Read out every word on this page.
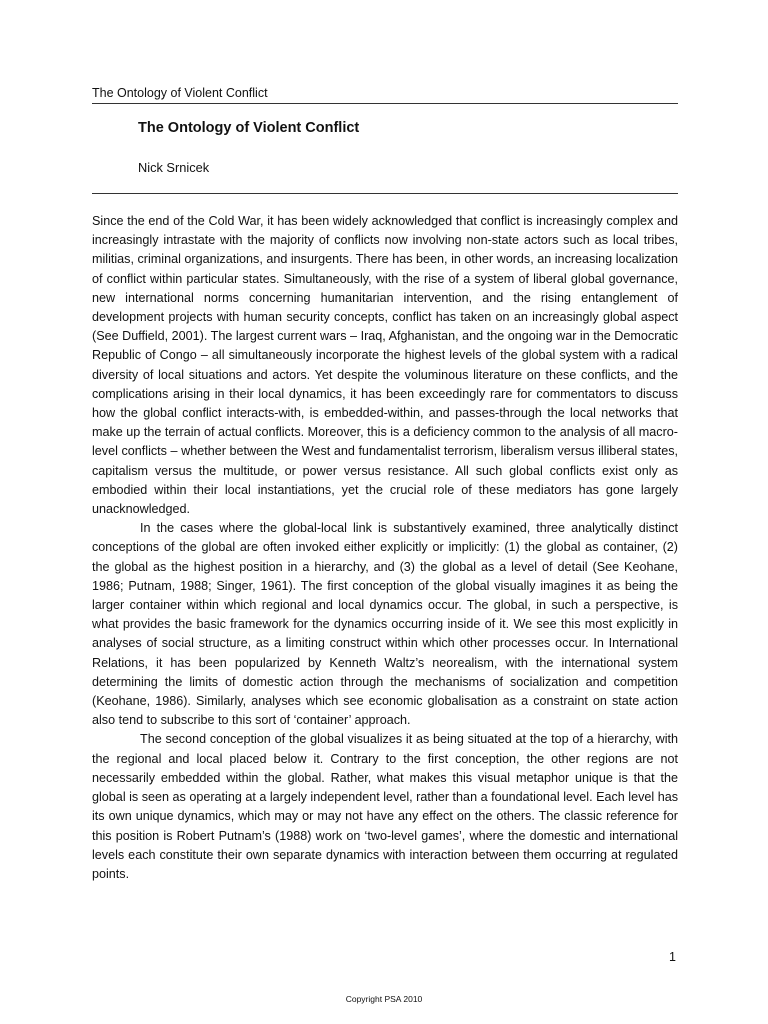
The Ontology of Violent Conflict
The Ontology of Violent Conflict
Nick Srnicek

Since the end of the Cold War, it has been widely acknowledged that conflict is increasingly complex and increasingly intrastate with the majority of conflicts now involving non-state actors such as local tribes, militias, criminal organizations, and insurgents. There has been, in other words, an increasing localization of conflict within particular states. Simultaneously, with the rise of a system of liberal global governance, new international norms concerning humanitarian intervention, and the rising entanglement of development projects with human security concepts, conflict has taken on an increasingly global aspect (See Duffield, 2001). The largest current wars – Iraq, Afghanistan, and the ongoing war in the Democratic Republic of Congo – all simultaneously incorporate the highest levels of the global system with a radical diversity of local situations and actors. Yet despite the voluminous literature on these conflicts, and the complications arising in their local dynamics, it has been exceedingly rare for commentators to discuss how the global conflict interacts-with, is embedded-within, and passes-through the local networks that make up the terrain of actual conflicts. Moreover, this is a deficiency common to the analysis of all macro-level conflicts – whether between the West and fundamentalist terrorism, liberalism versus illiberal states, capitalism versus the multitude, or power versus resistance. All such global conflicts exist only as embodied within their local instantiations, yet the crucial role of these mediators has gone largely unacknowledged.

In the cases where the global-local link is substantively examined, three analytically distinct conceptions of the global are often invoked either explicitly or implicitly: (1) the global as container, (2) the global as the highest position in a hierarchy, and (3) the global as a level of detail (See Keohane, 1986; Putnam, 1988; Singer, 1961). The first conception of the global visually imagines it as being the larger container within which regional and local dynamics occur. The global, in such a perspective, is what provides the basic framework for the dynamics occurring inside of it. We see this most explicitly in analyses of social structure, as a limiting construct within which other processes occur. In International Relations, it has been popularized by Kenneth Waltz’s neorealism, with the international system determining the limits of domestic action through the mechanisms of socialization and competition (Keohane, 1986). Similarly, analyses which see economic globalisation as a constraint on state action also tend to subscribe to this sort of ‘container’ approach.

The second conception of the global visualizes it as being situated at the top of a hierarchy, with the regional and local placed below it. Contrary to the first conception, the other regions are not necessarily embedded within the global. Rather, what makes this visual metaphor unique is that the global is seen as operating at a largely independent level, rather than a foundational level. Each level has its own unique dynamics, which may or may not have any effect on the others. The classic reference for this position is Robert Putnam’s (1988) work on ‘two-level games’, where the domestic and international levels each constitute their own separate dynamics with interaction between them occurring at regulated points.

1
Copyright PSA 2010
